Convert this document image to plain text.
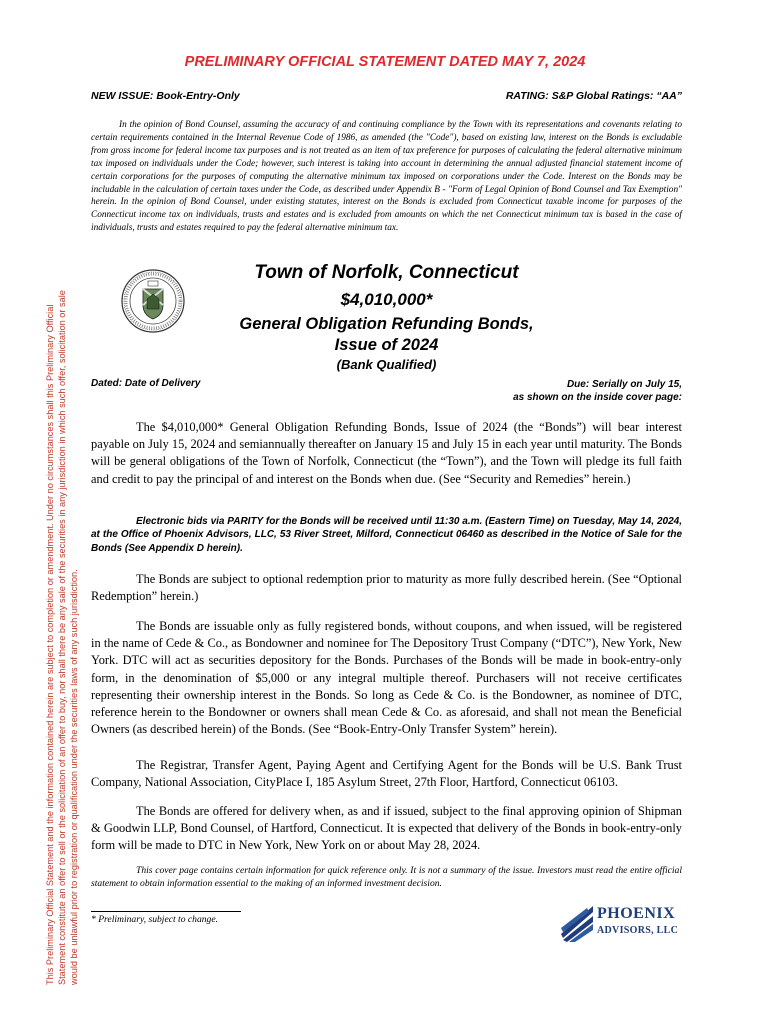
This Preliminary Official Statement and the information contained herein are subject to completion or amendment. Under no circumstances shall this Preliminary Official Statement constitute an offer to sell or the solicitation of an offer to buy, nor shall there be any sale of the securities in any jurisdiction in which such offer, solicitation or sale would be unlawful prior to registration or qualification under the securities laws of any such jurisdiction.
PRELIMINARY OFFICIAL STATEMENT DATED MAY 7, 2024
NEW ISSUE: Book-Entry-Only	RATING: S&P Global Ratings: “AA”
In the opinion of Bond Counsel, assuming the accuracy of and continuing compliance by the Town with its representations and covenants relating to certain requirements contained in the Internal Revenue Code of 1986, as amended (the "Code"), based on existing law, interest on the Bonds is excludable from gross income for federal income tax purposes and is not treated as an item of tax preference for purposes of calculating the federal alternative minimum tax imposed on individuals under the Code; however, such interest is taking into account in determining the annual adjusted financial statement income of certain corporations for the purposes of computing the alternative minimum tax imposed on corporations under the Code. Interest on the Bonds may be includable in the calculation of certain taxes under the Code, as described under Appendix B - "Form of Legal Opinion of Bond Counsel and Tax Exemption" herein. In the opinion of Bond Counsel, under existing statutes, interest on the Bonds is excluded from Connecticut taxable income for purposes of the Connecticut income tax on individuals, trusts and estates and is excluded from amounts on which the net Connecticut minimum tax is based in the case of individuals, trusts and estates required to pay the federal alternative minimum tax.
Town of Norfolk, Connecticut
$4,010,000*
General Obligation Refunding Bonds,
Issue of 2024
(Bank Qualified)
Dated: Date of Delivery	Due: Serially on July 15,
as shown on the inside cover page:
The $4,010,000* General Obligation Refunding Bonds, Issue of 2024 (the “Bonds”) will bear interest payable on July 15, 2024 and semiannually thereafter on January 15 and July 15 in each year until maturity. The Bonds will be general obligations of the Town of Norfolk, Connecticut (the “Town”), and the Town will pledge its full faith and credit to pay the principal of and interest on the Bonds when due. (See “Security and Remedies” herein.)
Electronic bids via PARITY for the Bonds will be received until 11:30 a.m. (Eastern Time) on Tuesday, May 14, 2024, at the Office of Phoenix Advisors, LLC, 53 River Street, Milford, Connecticut 06460 as described in the Notice of Sale for the Bonds (See Appendix D herein).
The Bonds are subject to optional redemption prior to maturity as more fully described herein. (See “Optional Redemption” herein.)
The Bonds are issuable only as fully registered bonds, without coupons, and when issued, will be registered in the name of Cede & Co., as Bondowner and nominee for The Depository Trust Company (“DTC”), New York, New York. DTC will act as securities depository for the Bonds. Purchases of the Bonds will be made in book-entry-only form, in the denomination of $5,000 or any integral multiple thereof. Purchasers will not receive certificates representing their ownership interest in the Bonds. So long as Cede & Co. is the Bondowner, as nominee of DTC, reference herein to the Bondowner or owners shall mean Cede & Co. as aforesaid, and shall not mean the Beneficial Owners (as described herein) of the Bonds. (See “Book-Entry-Only Transfer System” herein).
The Registrar, Transfer Agent, Paying Agent and Certifying Agent for the Bonds will be U.S. Bank Trust Company, National Association, CityPlace I, 185 Asylum Street, 27th Floor, Hartford, Connecticut 06103.
The Bonds are offered for delivery when, as and if issued, subject to the final approving opinion of Shipman & Goodwin LLP, Bond Counsel, of Hartford, Connecticut. It is expected that delivery of the Bonds in book-entry-only form will be made to DTC in New York, New York on or about May 28, 2024.
This cover page contains certain information for quick reference only. It is not a summary of the issue. Investors must read the entire official statement to obtain information essential to the making of an informed investment decision.
* Preliminary, subject to change.	PHOENIX
ADVISORS, LLC
